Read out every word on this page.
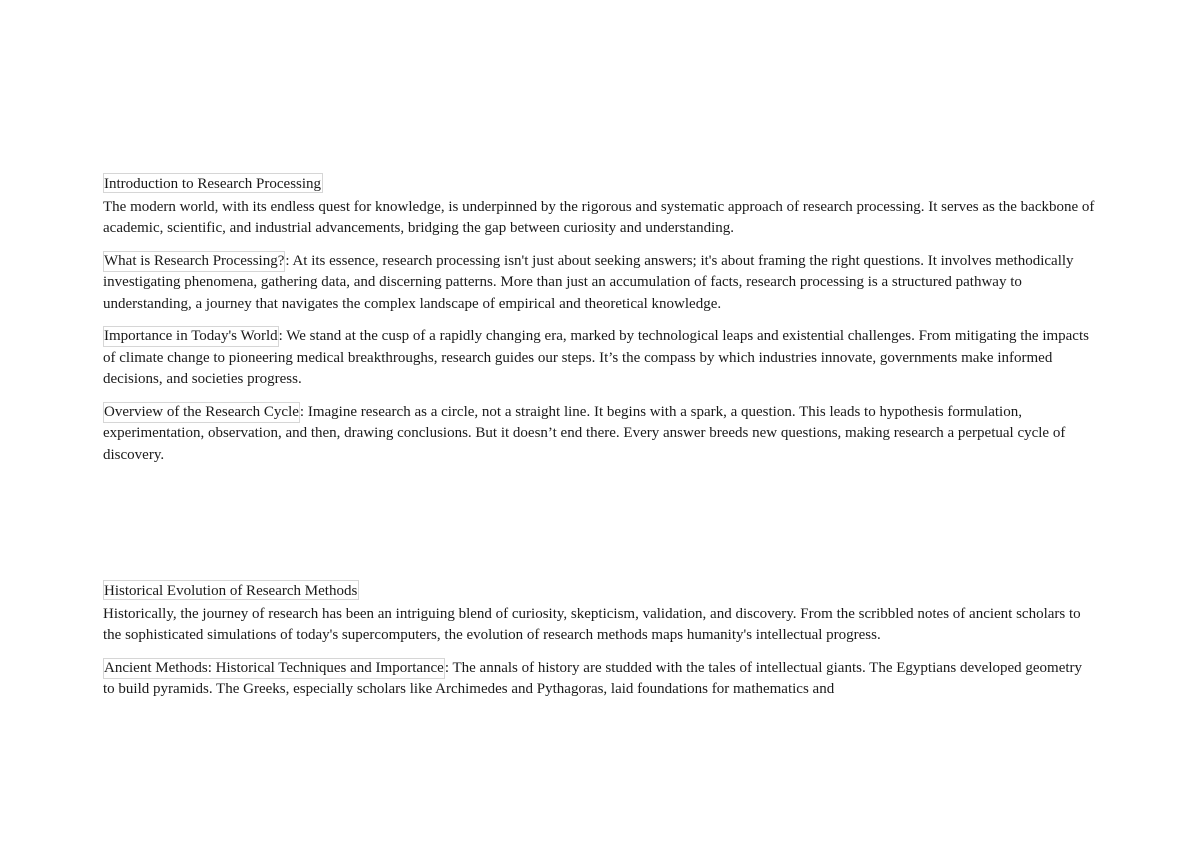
Introduction to Research Processing

The modern world, with its endless quest for knowledge, is underpinned by the rigorous and systematic approach of research processing. It serves as the backbone of academic, scientific, and industrial advancements, bridging the gap between curiosity and understanding.

What is Research Processing?: At its essence, research processing isn't just about seeking answers; it's about framing the right questions. It involves methodically investigating phenomena, gathering data, and discerning patterns. More than just an accumulation of facts, research processing is a structured pathway to understanding, a journey that navigates the complex landscape of empirical and theoretical knowledge.

Importance in Today's World: We stand at the cusp of a rapidly changing era, marked by technological leaps and existential challenges. From mitigating the impacts of climate change to pioneering medical breakthroughs, research guides our steps. It’s the compass by which industries innovate, governments make informed decisions, and societies progress.

Overview of the Research Cycle: Imagine research as a circle, not a straight line. It begins with a spark, a question. This leads to hypothesis formulation, experimentation, observation, and then, drawing conclusions. But it doesn’t end there. Every answer breeds new questions, making research a perpetual cycle of discovery.

Historical Evolution of Research Methods

Historically, the journey of research has been an intriguing blend of curiosity, skepticism, validation, and discovery. From the scribbled notes of ancient scholars to the sophisticated simulations of today's supercomputers, the evolution of research methods maps humanity's intellectual progress.

Ancient Methods: Historical Techniques and Importance: The annals of history are studded with the tales of intellectual giants. The Egyptians developed geometry to build pyramids. The Greeks, especially scholars like Archimedes and Pythagoras, laid foundations for mathematics and
